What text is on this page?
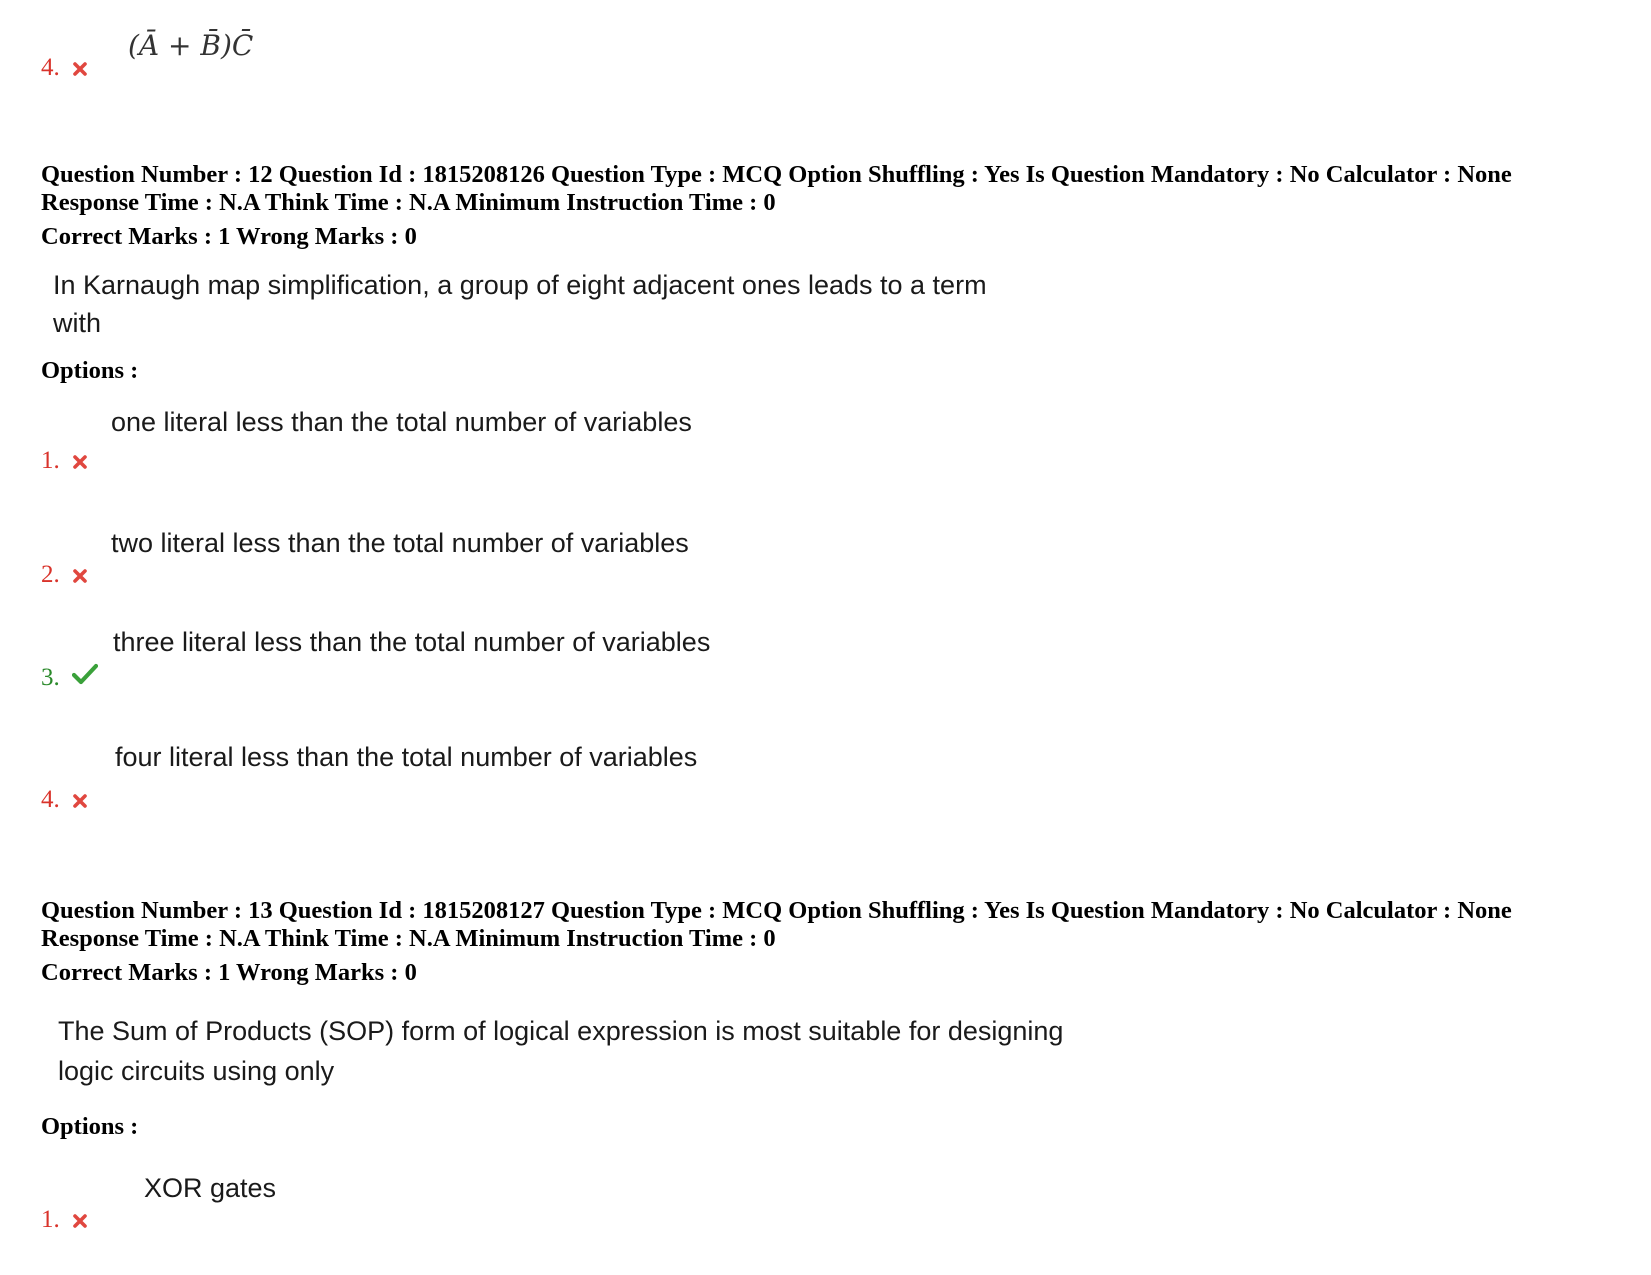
(Ā + B̄)C̄
4.
Question Number : 12 Question Id : 1815208126 Question Type : MCQ Option Shuffling : Yes Is Question Mandatory : No Calculator : None
Response Time : N.A Think Time : N.A Minimum Instruction Time : 0
Correct Marks : 1 Wrong Marks : 0
In Karnaugh map simplification, a group of eight adjacent ones leads to a term
with
Options :
one literal less than the total number of variables
1.
two literal less than the total number of variables
2.
three literal less than the total number of variables
3.
four literal less than the total number of variables
4.
Question Number : 13 Question Id : 1815208127 Question Type : MCQ Option Shuffling : Yes Is Question Mandatory : No Calculator : None
Response Time : N.A Think Time : N.A Minimum Instruction Time : 0
Correct Marks : 1 Wrong Marks : 0
The Sum of Products (SOP) form of logical expression is most suitable for designing
logic circuits using only
Options :
XOR gates
1.
